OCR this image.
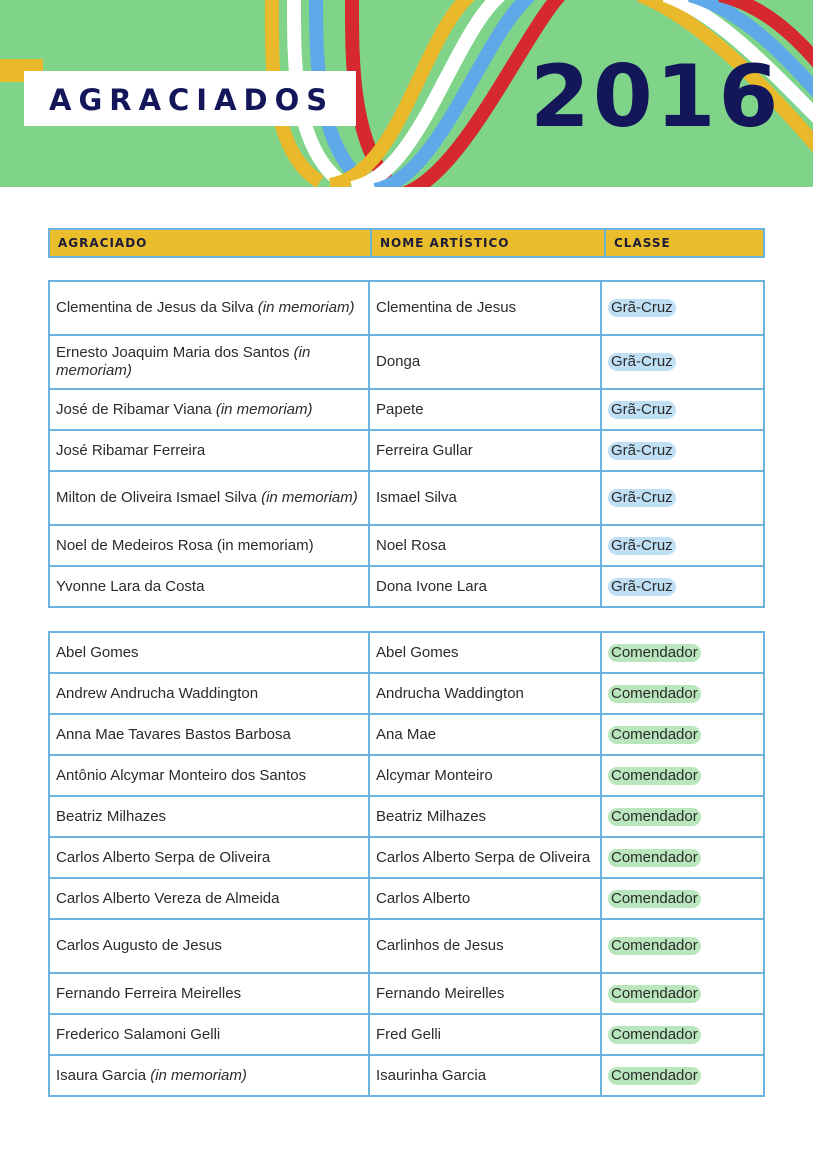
AGRACIADOS 2016
AGRACIADO	NOME ARTÍSTICO	CLASSE
Clementina de Jesus da Silva (in memoriam)	Clementina de Jesus	Grã-Cruz
Ernesto Joaquim Maria dos Santos (in memoriam)	Donga	Grã-Cruz
José de Ribamar Viana (in memoriam)	Papete	Grã-Cruz
José Ribamar Ferreira	Ferreira Gullar	Grã-Cruz
Milton de Oliveira Ismael Silva (in memoriam)	Ismael Silva	Grã-Cruz
Noel de Medeiros Rosa (in memoriam)	Noel Rosa	Grã-Cruz
Yvonne Lara da Costa	Dona Ivone Lara	Grã-Cruz
Abel Gomes	Abel Gomes	Comendador
Andrew Andrucha Waddington	Andrucha Waddington	Comendador
Anna Mae Tavares Bastos Barbosa	Ana Mae	Comendador
Antônio Alcymar Monteiro dos Santos	Alcymar Monteiro	Comendador
Beatriz Milhazes	Beatriz Milhazes	Comendador
Carlos Alberto Serpa de Oliveira	Carlos Alberto Serpa de Oliveira	Comendador
Carlos Alberto Vereza de Almeida	Carlos Alberto	Comendador
Carlos Augusto de Jesus	Carlinhos de Jesus	Comendador
Fernando Ferreira Meirelles	Fernando Meirelles	Comendador
Frederico Salamoni Gelli	Fred Gelli	Comendador
Isaura Garcia (in memoriam)	Isaurinha Garcia	Comendador
